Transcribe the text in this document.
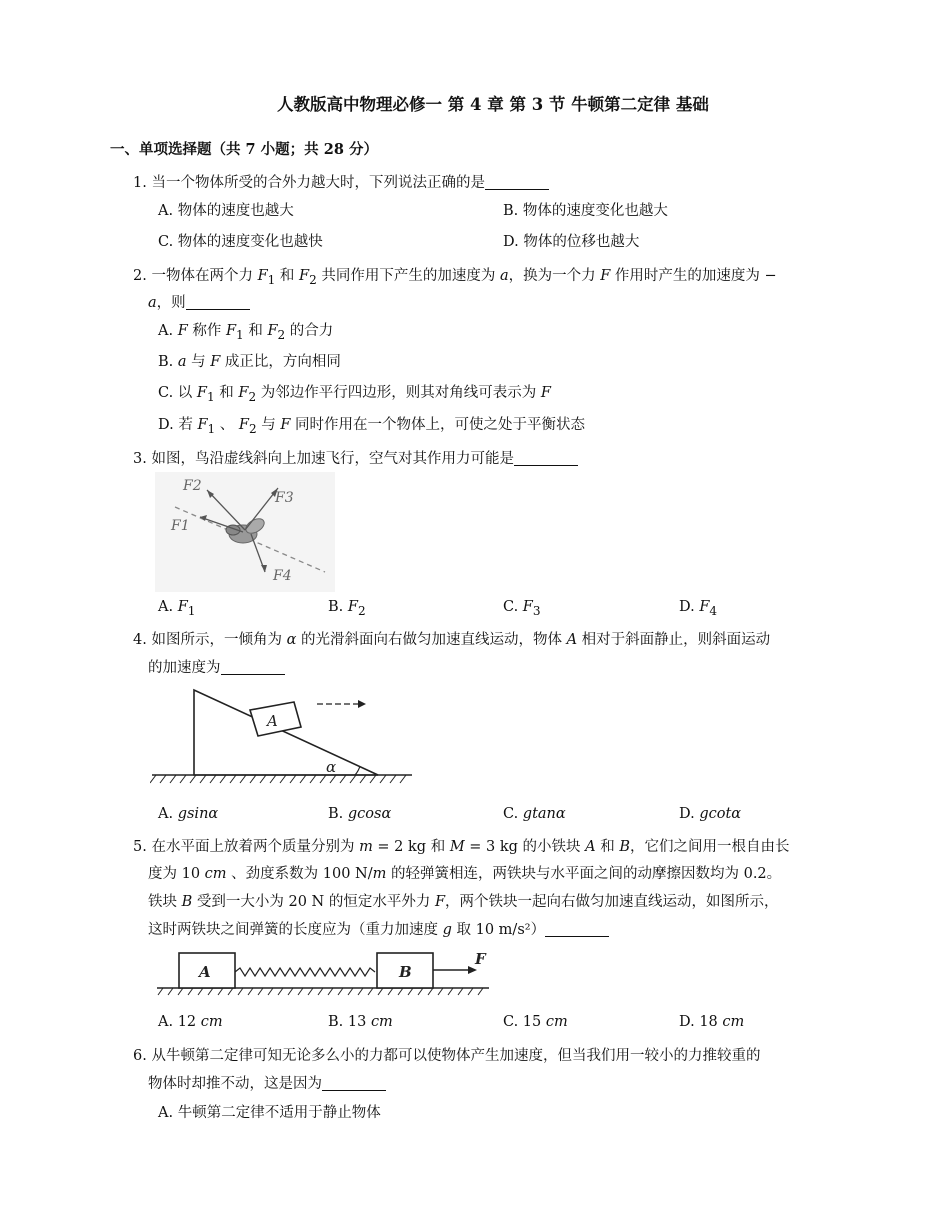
人教版高中物理必修一 第 4 章 第 3 节 牛顿第二定律 基础
一、单项选择题（共 7 小题；共 28 分）
1. 当一个物体所受的合外力越大时，下列说法正确的是
A. 物体的速度也越大	B. 物体的速度变化也越大
C. 物体的速度变化也越快	D. 物体的位移也越大
2. 一物体在两个力 $F_1$ 和 $F_2$ 共同作用下产生的加速度为 a，换为一个力 F 作用时产生的加速度为 −
a，则
A. F 称作 $F_1$ 和 $F_2$ 的合力
B. a 与 F 成正比，方向相同
C. 以 $F_1$ 和 $F_2$ 为邻边作平行四边形，则其对角线可表示为 F
D. 若 $F_1$ 、 $F_2$ 与 F 同时作用在一个物体上，可使之处于平衡状态
3. 如图，鸟沿虚线斜向上加速飞行，空气对其作用力可能是
F2
F3
F1
F4
A. $F_1$	B. $F_2$	C. $F_3$	D. $F_4$
4. 如图所示，一倾角为 α 的光滑斜面向右做匀加速直线运动，物体 A 相对于斜面静止，则斜面运动
的加速度为
A
α
A. gsinα	B. gcosα	C. gtanα	D. gcotα
5. 在水平面上放着两个质量分别为 m = 2 kg 和 M = 3 kg 的小铁块 A 和 B，它们之间用一根自由长
度为 10 cm 、劲度系数为 100 N/m 的轻弹簧相连，两铁块与水平面之间的动摩擦因数均为 0.2。
铁块 B 受到一大小为 20 N 的恒定水平外力 F，两个铁块一起向右做匀加速直线运动，如图所示，
这时两铁块之间弹簧的长度应为（重力加速度 g 取 10 m/s²）
A	B
F
A. 12 cm	B. 13 cm	C. 15 cm	D. 18 cm
6. 从牛顿第二定律可知无论多么小的力都可以使物体产生加速度，但当我们用一较小的力推较重的
物体时却推不动，这是因为
A. 牛顿第二定律不适用于静止物体
